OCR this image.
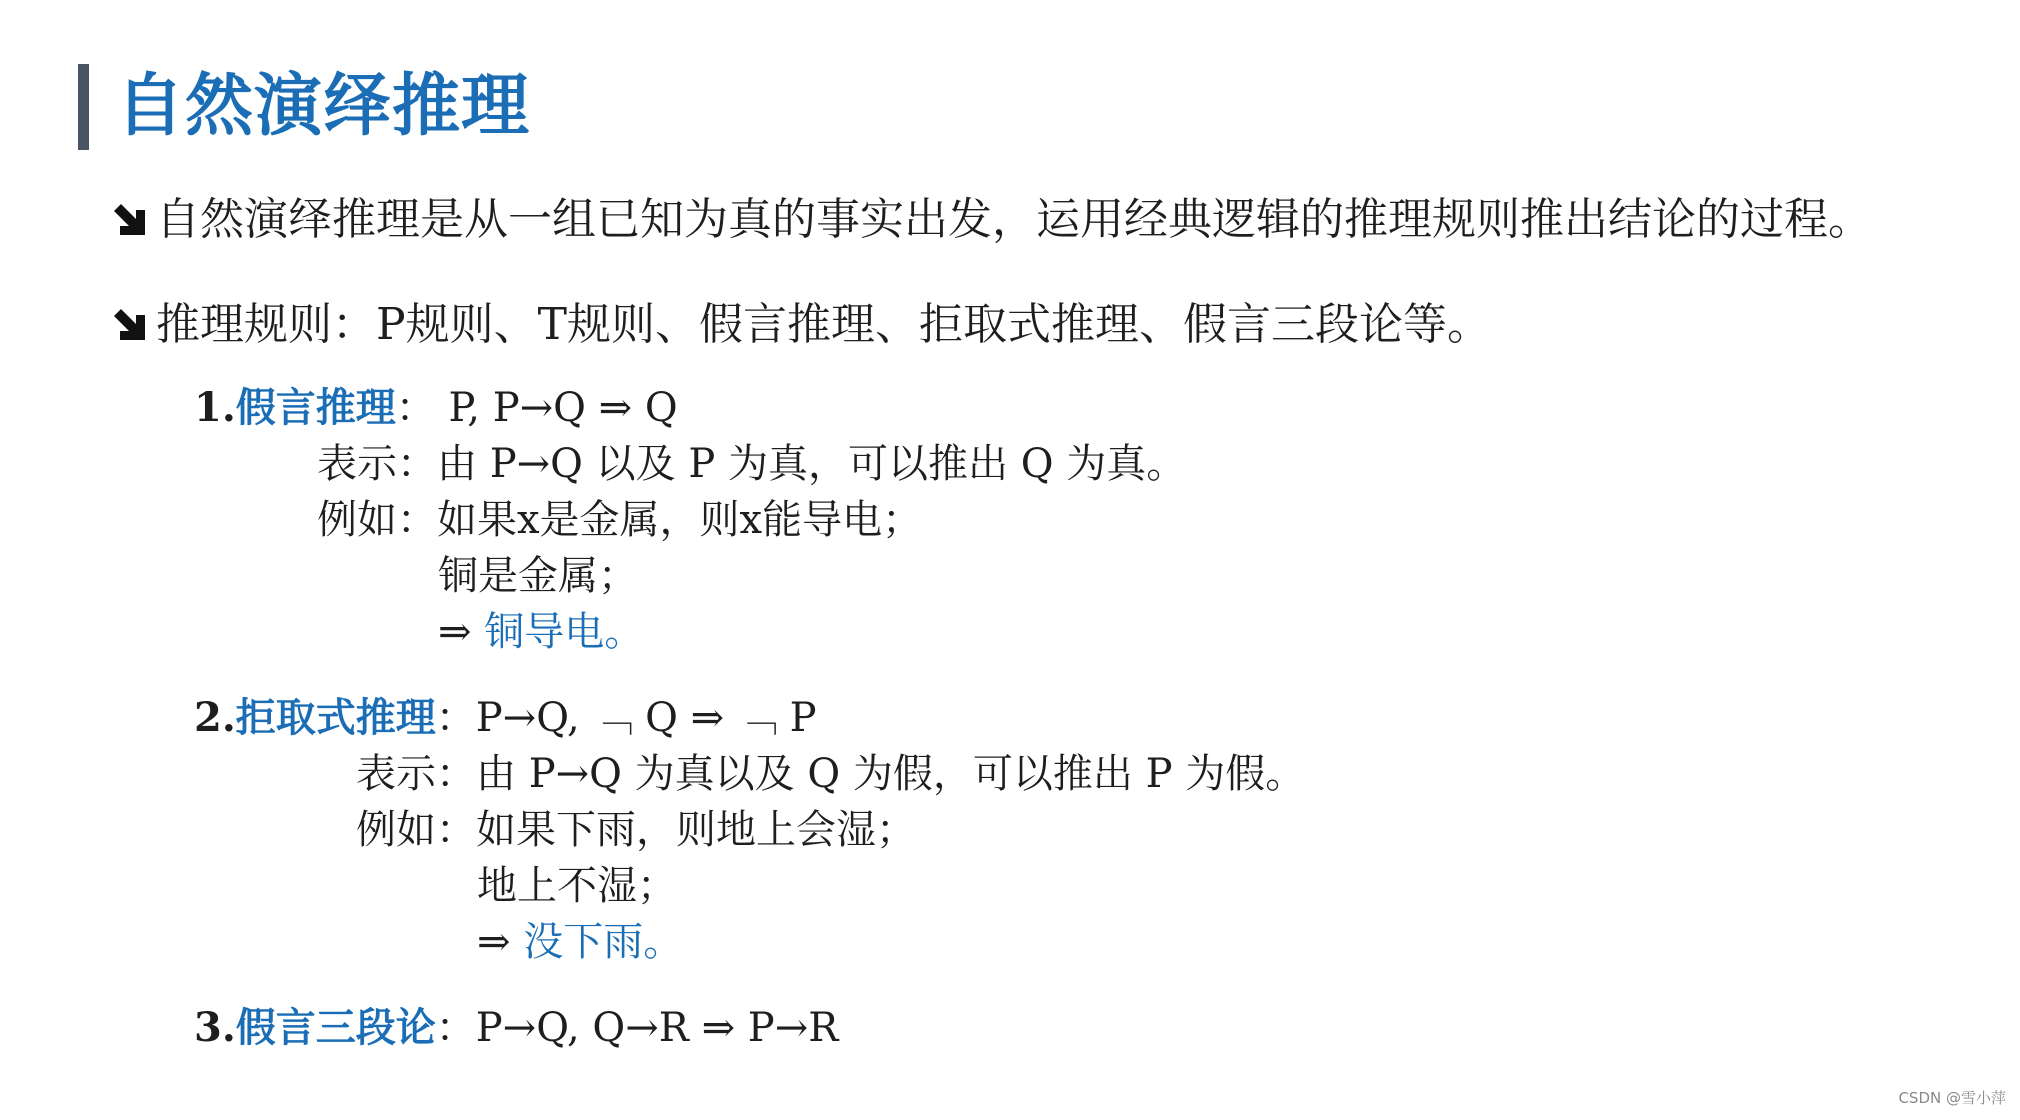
自然演绎推理
自然演绎推理是从一组已知为真的事实出发，运用经典逻辑的推理规则推出结论的过程。
推理规则：P规则、T规则、假言推理、拒取式推理、假言三段论等。
1.假言推理： P, P→Q ⇒ Q
表示：由 P→Q 以及 P 为真，可以推出 Q 为真。
例如：如果x是金属，则x能导电；
铜是金属；
⇒ 铜导电。
2.拒取式推理：P→Q, ﹁ Q ⇒ ﹁ P
表示：由 P→Q 为真以及 Q 为假，可以推出 P 为假。
例如：如果下雨，则地上会湿；
地上不湿；
⇒ 没下雨。
3.假言三段论：P→Q, Q→R ⇒ P→R
CSDN @雪小萍
